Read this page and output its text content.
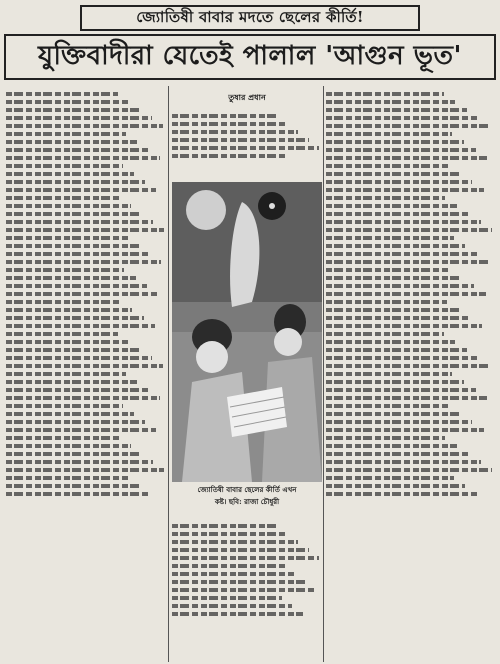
জ্যোতিষী বাবার মদতে ছেলের কীর্তি!
যুক্তিবাদীরা যেতেই পালাল 'আগুন ভূত'
তুষার প্রধান
জ্যোতিষী বাবার ছেলের কীর্তি এখন
কষ্ট। ছবি: রাজা চৌধুরী
